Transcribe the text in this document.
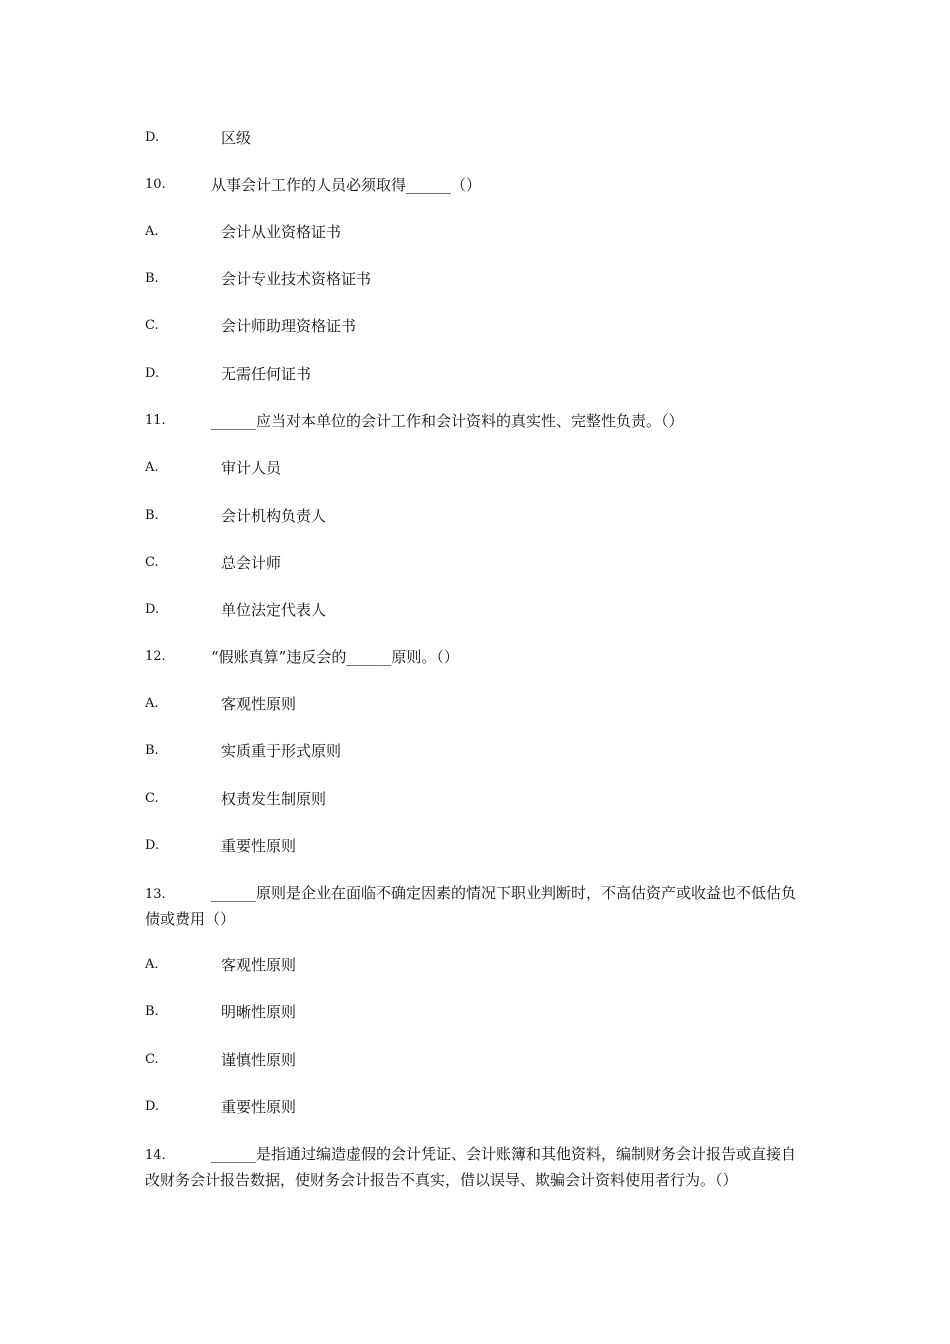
D.	区级
10.	从事会计工作的人员必须取得______（）
A.	会计从业资格证书
B.	会计专业技术资格证书
C.	会计师助理资格证书
D.	无需任何证书
11.	______应当对本单位的会计工作和会计资料的真实性、完整性负责。（）
A.	审计人员
B.	会计机构负责人
C.	总会计师
D.	单位法定代表人
12.	“假账真算”违反会的______原则。（）
A.	客观性原则
B.	实质重于形式原则
C.	权责发生制原则
D.	重要性原则
13.	______原则是企业在面临不确定因素的情况下职业判断时，不高估资产或收益也不低估负债或费用（）
A.	客观性原则
B.	明晰性原则
C.	谨慎性原则
D.	重要性原则
14.	______是指通过编造虚假的会计凭证、会计账簿和其他资料，编制财务会计报告或直接自改财务会计报告数据，使财务会计报告不真实，借以误导、欺骗会计资料使用者行为。（）
